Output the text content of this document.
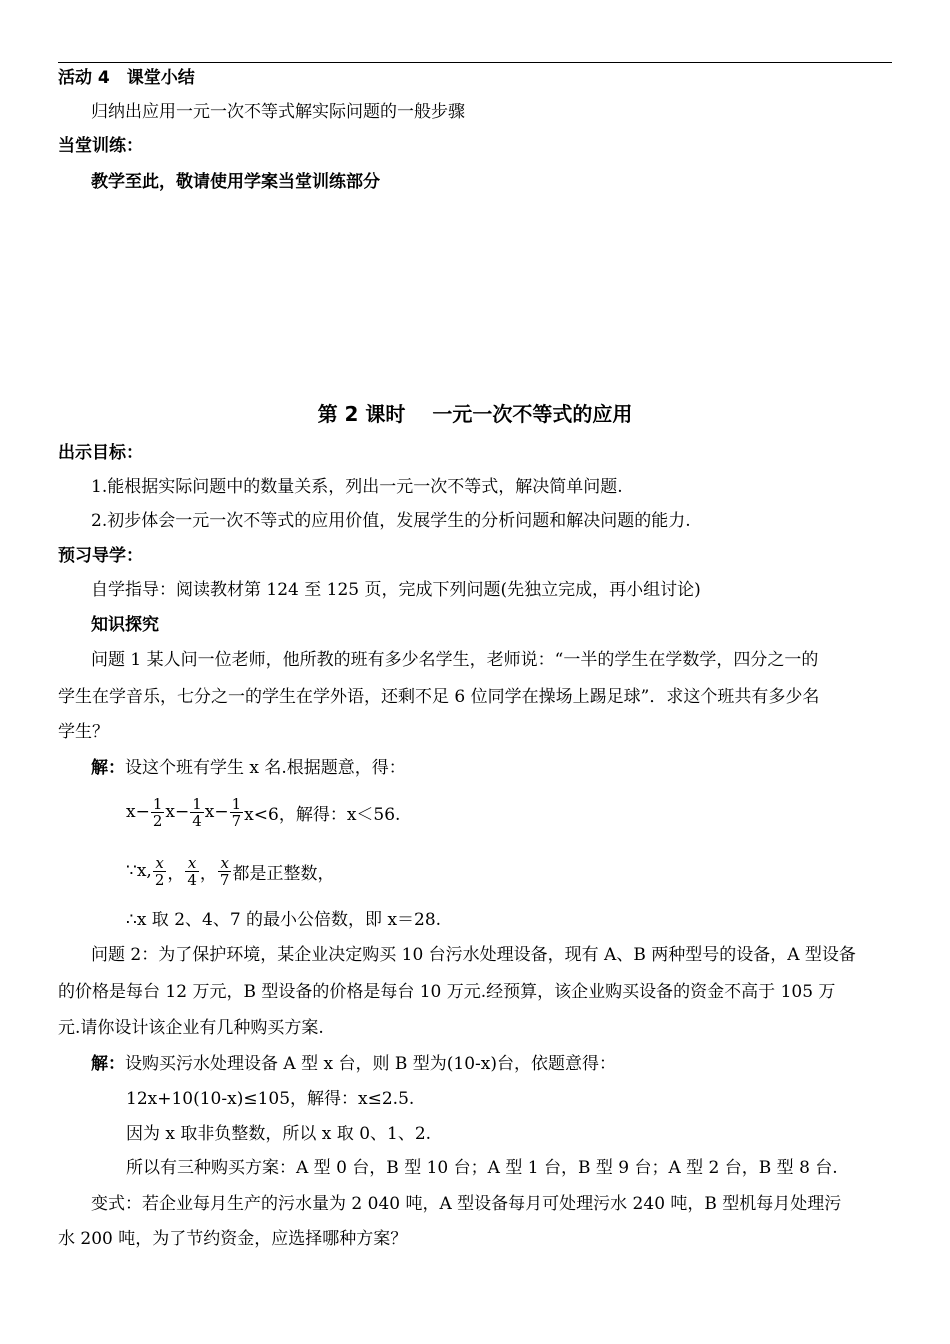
活动 4　课堂小结
归纳出应用一元一次不等式解实际问题的一般步骤
当堂训练：
教学至此，敬请使用学案当堂训练部分
第 2 课时　 一元一次不等式的应用
出示目标：
1.能根据实际问题中的数量关系，列出一元一次不等式，解决简单问题.
2.初步体会一元一次不等式的应用价值，发展学生的分析问题和解决问题的能力.
预习导学：
自学指导：阅读教材第 124 至 125 页，完成下列问题(先独立完成，再小组讨论)
知识探究
问题 1 某人问一位老师，他所教的班有多少名学生，老师说：“一半的学生在学数学，四分之一的
学生在学音乐，七分之一的学生在学外语，还剩不足 6 位同学在操场上踢足球”．求这个班共有多少名
学生？
解：设这个班有学生 x 名.根据题意，得：
$x- \frac{1}{2} x- \frac{1}{4} x- \frac{1}{7} x<6$，解得：x＜56.
∵x, $\frac{x}{2}$ ， $\frac{x}{4}$ ， $\frac{x}{7}$ 都是正整数，
∴x 取 2、4、7 的最小公倍数，即 x＝28.
问题 2：为了保护环境，某企业决定购买 10 台污水处理设备，现有 A、B 两种型号的设备，A 型设备
的价格是每台 12 万元，B 型设备的价格是每台 10 万元.经预算，该企业购买设备的资金不高于 105 万
元.请你设计该企业有几种购买方案.
解：设购买污水处理设备 A 型 x 台，则 B 型为(10-x)台，依题意得：
12x+10(10-x)≤105，解得：x≤2.5.
因为 x 取非负整数，所以 x 取 0、1、2.
所以有三种购买方案：A 型 0 台，B 型 10 台；A 型 1 台，B 型 9 台；A 型 2 台，B 型 8 台.
变式：若企业每月生产的污水量为 2 040 吨，A 型设备每月可处理污水 240 吨，B 型机每月处理污
水 200 吨，为了节约资金，应选择哪种方案？
